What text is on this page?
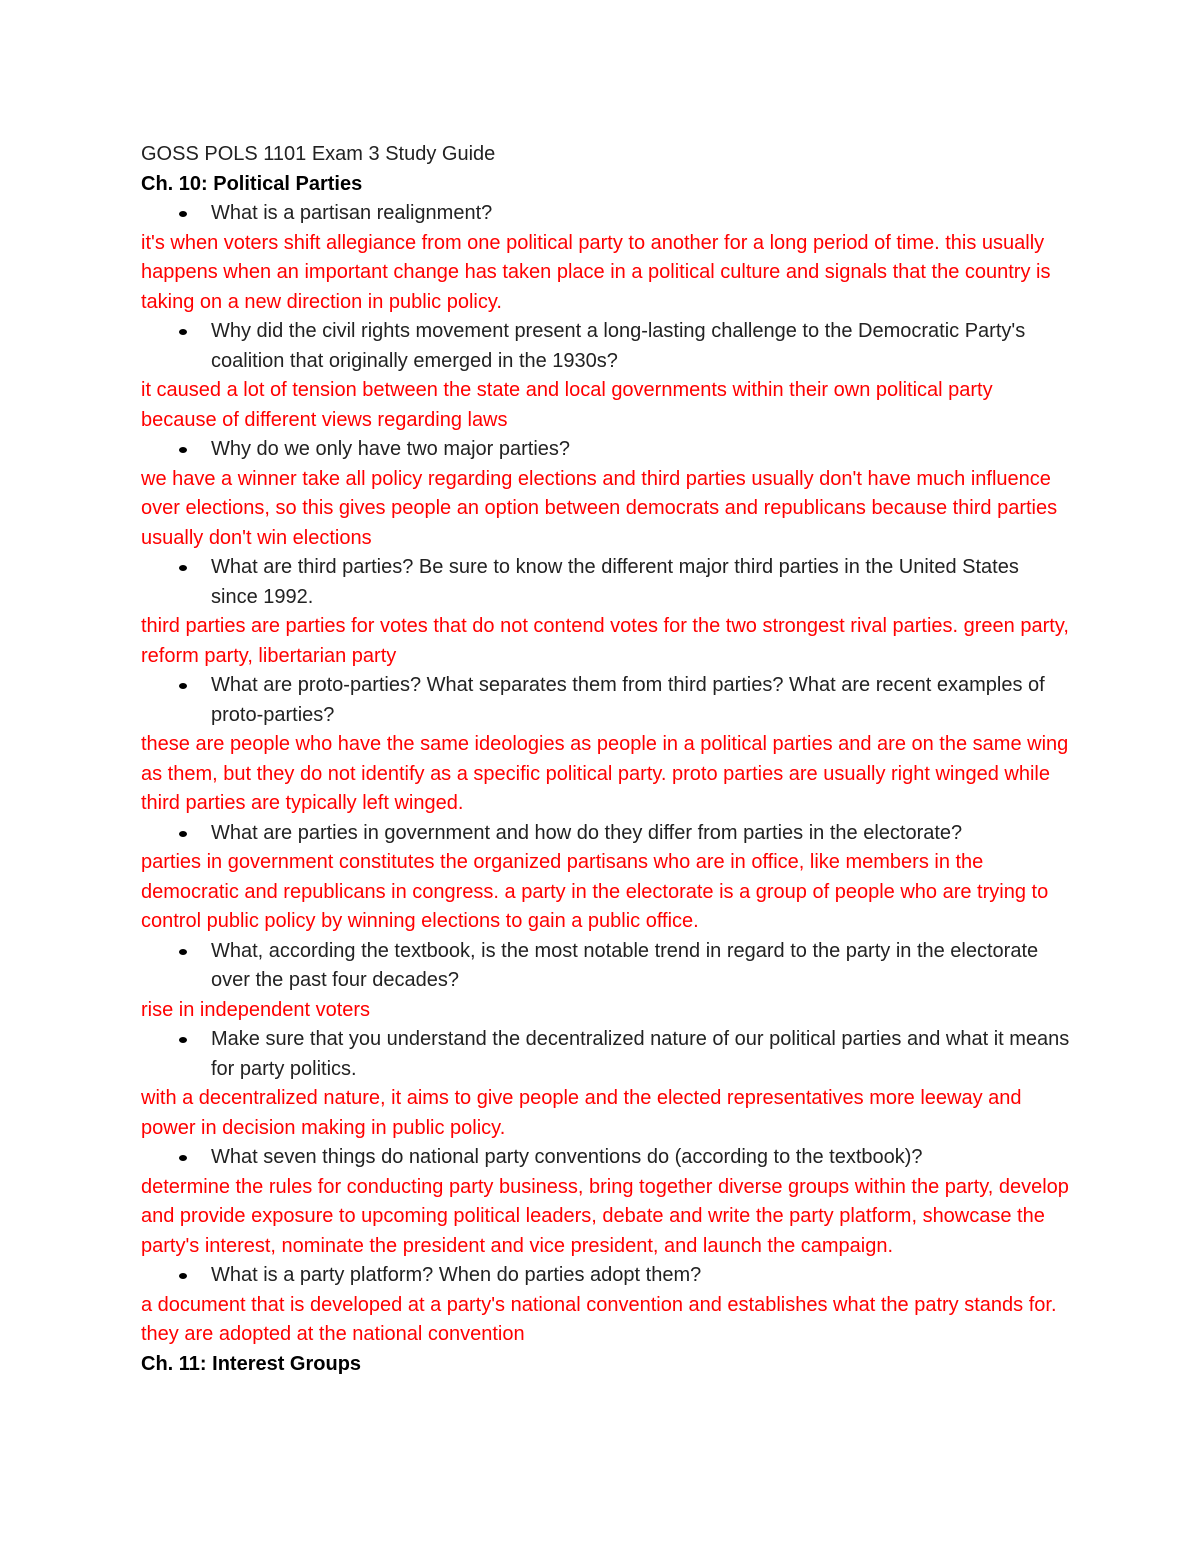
GOSS POLS 1101 Exam 3 Study Guide

Ch. 10: Political Parties

What is a partisan realignment?

it's when voters shift allegiance from one political party to another for a long period of time. this usually happens when an important change has taken place in a political culture and signals that the country is taking on a new direction in public policy.

Why did the civil rights movement present a long-lasting challenge to the Democratic Party's coalition that originally emerged in the 1930s?

it caused a lot of tension between the state and local governments within their own political party because of different views regarding laws

Why do we only have two major parties?

we have a winner take all policy regarding elections and third parties usually don't have much influence over elections, so this gives people an option between democrats and republicans because third parties usually don't win elections

What are third parties? Be sure to know the different major third parties in the United States since 1992.

third parties are parties for votes that do not contend votes for the two strongest rival parties. green party, reform party, libertarian party

What are proto-parties? What separates them from third parties? What are recent examples of proto-parties?

these are people who have the same ideologies as people in a political parties and are on the same wing as them, but they do not identify as a specific political party. proto parties are usually right winged while third parties are typically left winged.

What are parties in government and how do they differ from parties in the electorate?

parties in government constitutes the organized partisans who are in office, like members in the democratic and republicans in congress. a party in the electorate is a group of people who are trying to control public policy by winning elections to gain a public office.

What, according the textbook, is the most notable trend in regard to the party in the electorate over the past four decades?

rise in independent voters

Make sure that you understand the decentralized nature of our political parties and what it means for party politics.

with a decentralized nature, it aims to give people and the elected representatives more leeway and power in decision making in public policy.

What seven things do national party conventions do (according to the textbook)?

determine the rules for conducting party business, bring together diverse groups within the party, develop and provide exposure to upcoming political leaders, debate and write the party platform, showcase the party's interest, nominate the president and vice president, and launch the campaign.

What is a party platform? When do parties adopt them?

a document that is developed at a party's national convention and establishes what the patry stands for. they are adopted at the national convention

Ch. 11: Interest Groups
